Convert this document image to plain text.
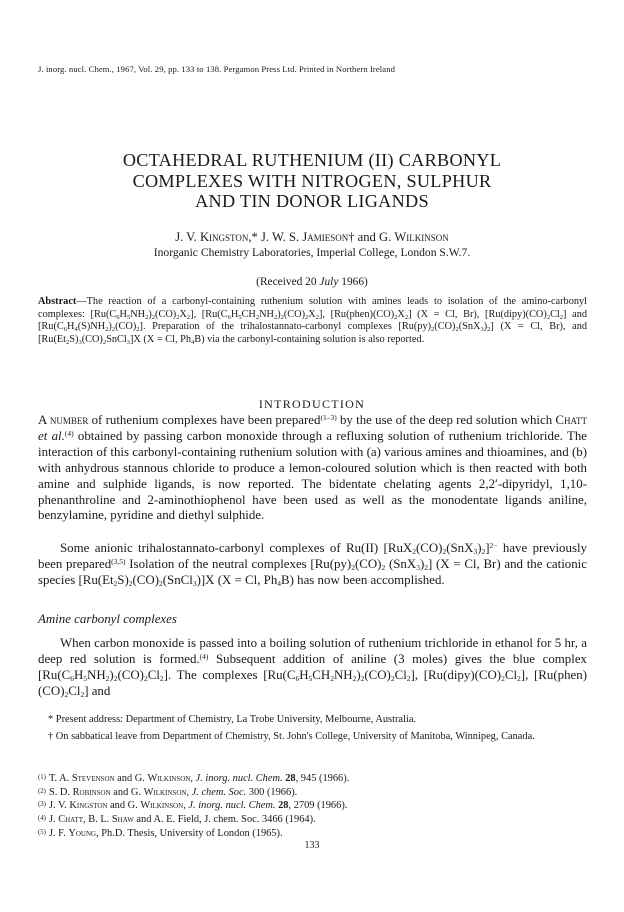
J. inorg. nucl. Chem., 1967, Vol. 29, pp. 133 to 138. Pergamon Press Ltd. Printed in Northern Ireland
OCTAHEDRAL RUTHENIUM (II) CARBONYL
COMPLEXES WITH NITROGEN, SULPHUR
AND TIN DONOR LIGANDS
J. V. Kingston,* J. W. S. Jamieson† and G. Wilkinson
Inorganic Chemistry Laboratories, Imperial College, London S.W.7.
(Received 20 July 1966)

Abstract—The reaction of a carbonyl-containing ruthenium solution with amines leads to isolation of the amino-carbonyl complexes: $[Ru(C_6H_5NH_2)_2(CO)_2X_2]$, $[Ru(C_6H_5CH_2NH_2)_2(CO)_2X_2]$, $[Ru(phen)(CO)_2X_2] (X = Cl$, Br), $[Ru(dipy)(CO)_2Cl_2]$ and $[Ru(C_6H_4(S)NH_2)_2(CO)_2]$. Preparation of the trihalostannato-carbonyl complexes $[Ru(py)_2(CO)_2(SnX_3)_2] (X = Cl$, Br), and $[Ru(Et_2S)_3(CO)_2SnCl_3]X$ (X = Cl, $Ph_4B$) via the carbonyl-containing solution is also reported.

INTRODUCTION

A number of ruthenium complexes have been prepared$^{(1-3)}$ by the use of the deep red solution which Chatt et al.$^{(4)}$ obtained by passing carbon monoxide through a refluxing solution of ruthenium trichloride. The interaction of this carbonyl-containing ruthenium solution with (a) various amines and thioamines, and (b) with anhydrous stannous chloride to produce a lemon-coloured solution which is then reacted with both amine and sulphide ligands, is now reported. The bidentate chelating agents 2,2′-dipyridyl, 1,10-phenanthroline and 2-aminothiophenol have been used as well as the monodentate ligands aniline, benzylamine, pyridine and diethyl sulphide.

Some anionic trihalostannato-carbonyl complexes of Ru(II) $[RuX_2(CO)_2(SnX_3)_2]^{2-}$ have previously been prepared$^{(3,5)}$ Isolation of the neutral complexes [$Ru(py)_2(CO)_2$ $(SnX_3)_2$] (X = Cl, Br) and the cationic species $[Ru(Et_2S)_2(CO)_2(SnCl_3)]X$ (X = Cl, $Ph_4B$) has now been accomplished.

Amine carbonyl complexes

When carbon monoxide is passed into a boiling solution of ruthenium trichloride in ethanol for 5 hr, a deep red solution is formed.$^{(4)}$ Subsequent addition of aniline (3 moles) gives the blue complex $[Ru(C_6H_5NH_2)_2(CO)_2Cl_2]$. The complexes $[Ru(C_6H_5CH_2NH_2)_2(CO)_2Cl_2]$, $[Ru(dipy)(CO)_2Cl_2]$, $[Ru(phen)(CO)_2Cl_2]$ and

* Present address: Department of Chemistry, La Trobe University, Melbourne, Australia.

† On sabbatical leave from Department of Chemistry, St. John's College, University of Manitoba, Winnipeg, Canada.

(1) T. A. Stevenson and G. Wilkinson, J. inorg. nucl. Chem. 28, 945 (1966).
(2) S. D. Robinson and G. Wilkinson, J. chem. Soc. 300 (1966).
(3) J. V. Kingston and G. Wilkinson, J. inorg. nucl. Chem. 28, 2709 (1966).
(4) J. Chatt, B. L. Shaw and A. E. Field, J. chem. Soc. 3466 (1964).
(5) J. F. Young, Ph.D. Thesis, University of London (1965).
133
